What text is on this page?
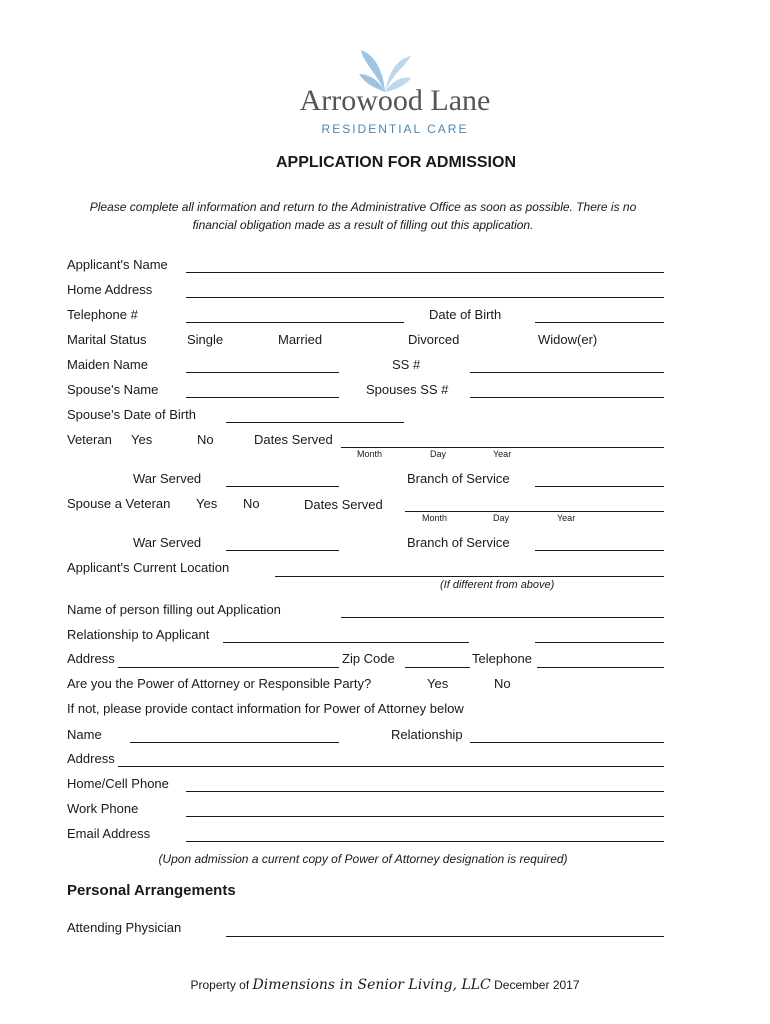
Arrowood Lane
RESIDENTIAL CARE
APPLICATION FOR ADMISSION
Please complete all information and return to the Administrative Office as soon as possible. There is no
financial obligation made as a result of filling out this application.
Applicant's Name
Home Address
Telephone #	Date of Birth
Marital Status	Single	Married	Divorced	Widow(er)
Maiden Name	SS #
Spouse's Name	Spouses SS #
Spouse's Date of Birth
Veteran Yes	No	Dates Served
Month	Day	Year
War Served	Branch of Service
Spouse a Veteran Yes No	Dates Served
Month	Day	Year
War Served	Branch of Service
Applicant's Current Location
(If different from above)
Name of person filling out Application
Relationship to Applicant
Address	Zip Code	Telephone
Are you the Power of Attorney or Responsible Party?	Yes	No
If not, please provide contact information for Power of Attorney below
Name	Relationship
Address
Home/Cell Phone
Work Phone
Email Address
(Upon admission a current copy of Power of Attorney designation is required)
Personal Arrangements
Attending Physician
Property of Dimensions in Senior Living, LLC December 2017
